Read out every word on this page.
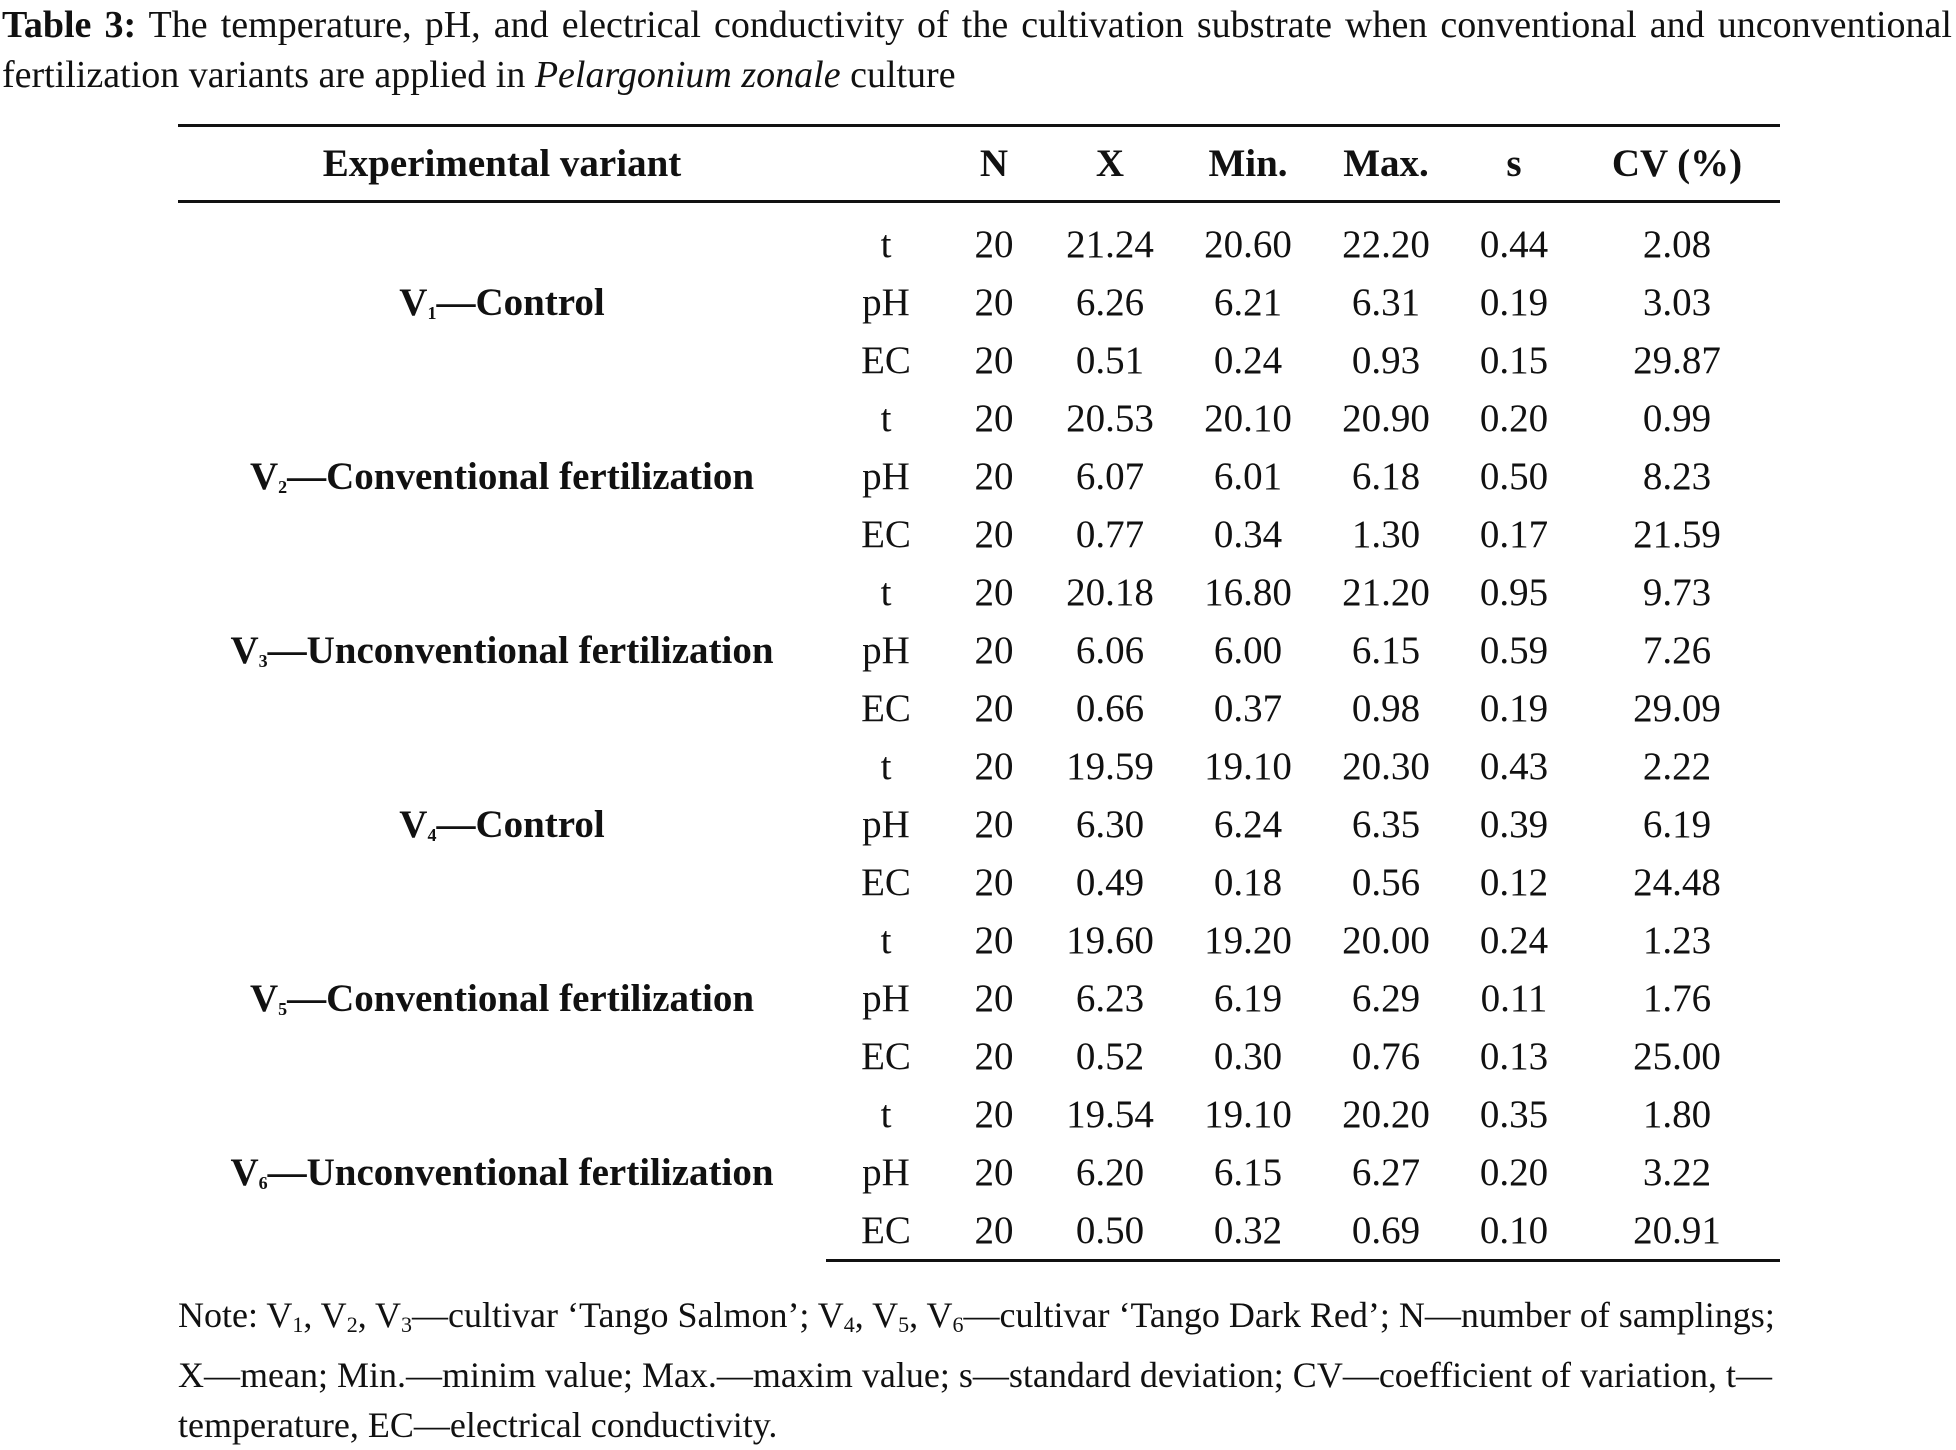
Table 3: The temperature, pH, and electrical conductivity of the cultivation substrate when conventional and unconventional fertilization variants are applied in Pelargonium zonale culture
Experimental variant		N	X	Min.	Max.	s	CV (%)

$V_1—Control$	t	20	21.24	20.60	22.20	0.44	2.08
	pH	20	6.26	6.21	6.31	0.19	3.03
	EC	20	0.51	0.24	0.93	0.15	29.87
$V_2—Conventional$ fertilization	t	20	20.53	20.10	20.90	0.20	0.99
	pH	20	6.07	6.01	6.18	0.50	8.23
	EC	20	0.77	0.34	1.30	0.17	21.59
$V_3—Unconventional$ fertilization	t	20	20.18	16.80	21.20	0.95	9.73
	pH	20	6.06	6.00	6.15	0.59	7.26
	EC	20	0.66	0.37	0.98	0.19	29.09
$V_4—Control$	t	20	19.59	19.10	20.30	0.43	2.22
	pH	20	6.30	6.24	6.35	0.39	6.19
	EC	20	0.49	0.18	0.56	0.12	24.48
$V_5—Conventional$ fertilization	t	20	19.60	19.20	20.00	0.24	1.23
	pH	20	6.23	6.19	6.29	0.11	1.76
	EC	20	0.52	0.30	0.76	0.13	25.00
$V_6—Unconventional$ fertilization	t	20	19.54	19.10	20.20	0.35	1.80
	pH	20	6.20	6.15	6.27	0.20	3.22
	EC	20	0.50	0.32	0.69	0.10	20.91
Note: $V_1$, $V_2$, $V_3—cultivar$ ‘Tango Salmon’; $V_4$, $V_5$, $V_6—cultivar$ ‘Tango Dark Red’; N—number of samplings; X—mean; Min.—minim value; Max.—maxim value; s—standard deviation; CV—coefficient of variation, t—temperature, EC—electrical conductivity.
